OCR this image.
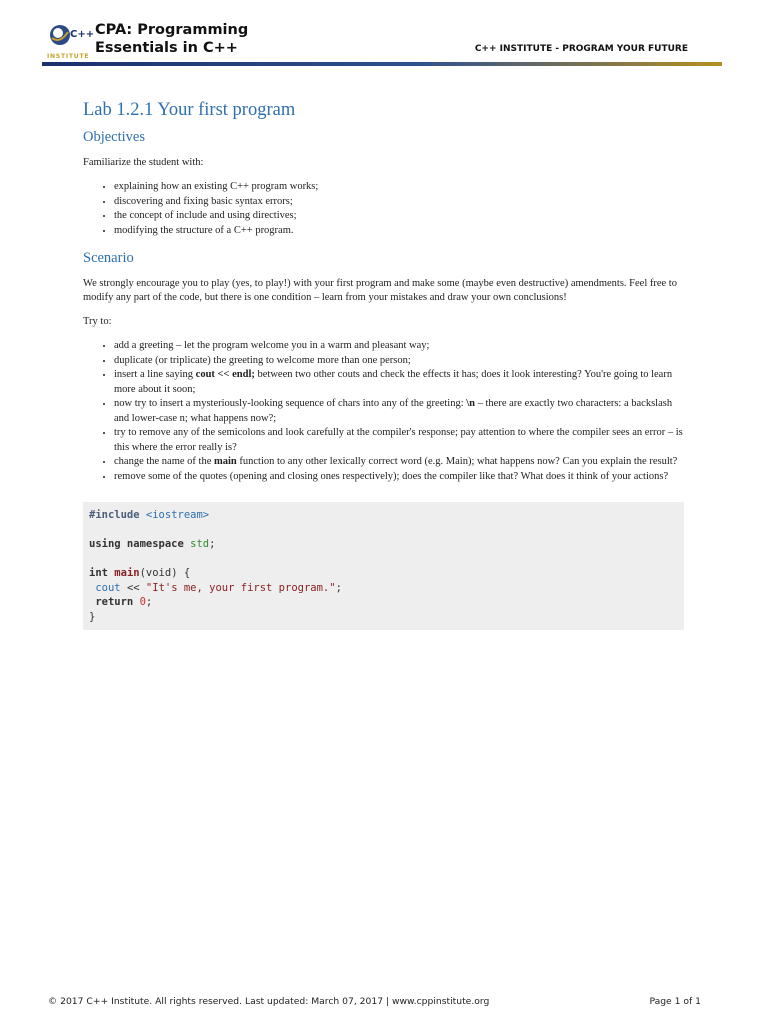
C++
INSTITUTE
CPA: Programming
Essentials in C++	C++ INSTITUTE - PROGRAM YOUR FUTURE
Lab 1.2.1 Your first program
Objectives

Familiarize the student with:

• explaining how an existing C++ program works;
• discovering and fixing basic syntax errors;
• the concept of include and using directives;
• modifying the structure of a C++ program.
Scenario

We strongly encourage you to play (yes, to play!) with your first program and make some (maybe even destructive) amendments. Feel free to modify any part of the code, but there is one condition – learn from your mistakes and draw your own conclusions!

Try to:

• add a greeting – let the program welcome you in a warm and pleasant way;
• duplicate (or triplicate) the greeting to welcome more than one person;
• insert a line saying cout << endl; between two other couts and check the effects it has; does it look interesting? You're going to learn more about it soon;
• now try to insert a mysteriously-looking sequence of chars into any of the greeting: \n – there are exactly two characters: a backslash and lower-case n; what happens now?;
• try to remove any of the semicolons and look carefully at the compiler's response; pay attention to where the compiler sees an error – is this where the error really is?
• change the name of the main function to any other lexically correct word (e.g. Main); what happens now? Can you explain the result?
• remove some of the quotes (opening and closing ones respectively); does the compiler like that? What does it think of your actions?
#include <iostream>

using namespace std;

int main(void) {
cout << "It's me, your first program.";
return 0;
}
© 2017 C++ Institute. All rights reserved. Last updated: March 07, 2017 | www.cppinstitute.org	Page 1 of 1
